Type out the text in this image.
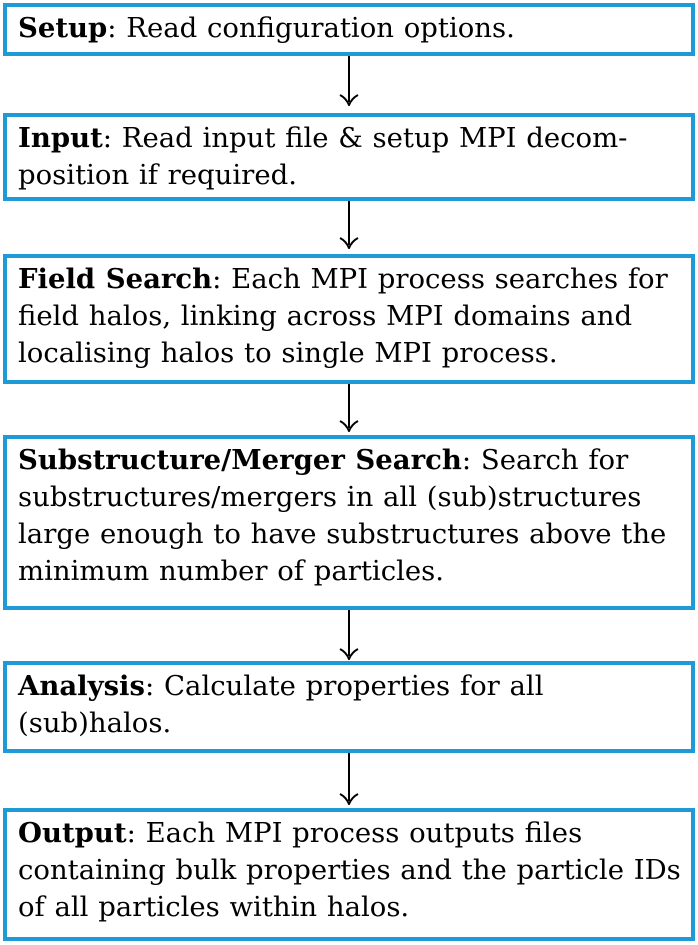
Setup: Read configuration options.
Input: Read input file & setup MPI decom-position if required.
Field Search: Each MPI process searches for field halos, linking across MPI domains and localising halos to single MPI process.
Substructure/Merger Search: Search for substructures/mergers in all (sub)structures large enough to have substructures above the minimum number of particles.
Analysis: Calculate properties for all (sub)halos.
Output: Each MPI process outputs files containing bulk properties and the particle IDs of all particles within halos.
